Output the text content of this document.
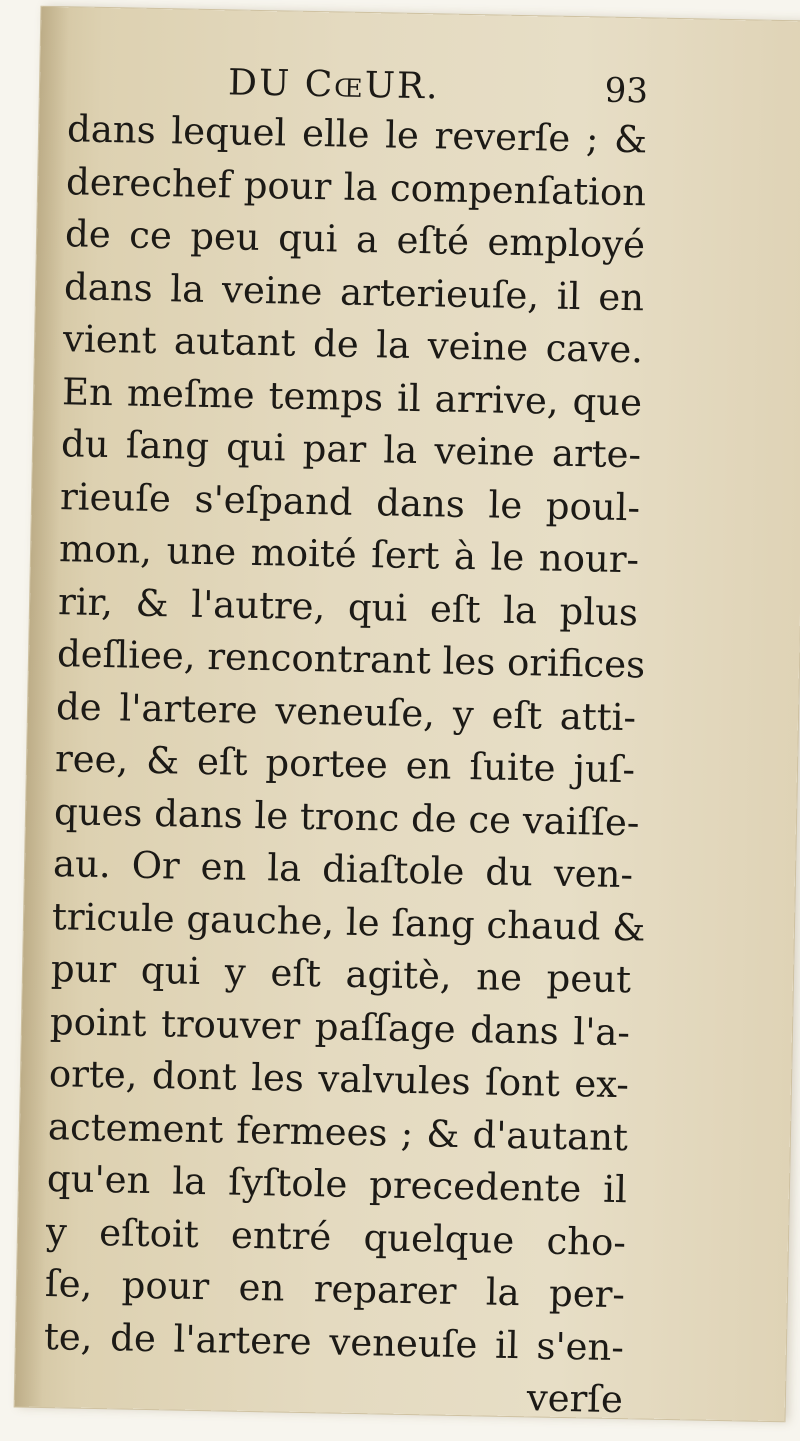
DU CœUR.	93
dans lequel elle le reverſe ; &
derechef pour la compenſation
de ce peu qui a eſté employé
dans la veine arterieuſe, il en
vient autant de la veine cave.
En meſme temps il arrive, que
du ſang qui par la veine arte-
rieuſe s'eſpand dans le poul-
mon, une moité ſert à le nour-
rir, & l'autre, qui eſt la plus
deſliee, rencontrant les orifices
de l'artere veneuſe, y eſt atti-
ree, & eſt portee en ſuite juſ-
ques dans le tronc de ce vaiſſe-
au. Or en la diaſtole du ven-
tricule gauche, le ſang chaud &
pur qui y eſt agitè, ne peut
point trouver paſſage dans l'a-
orte, dont les valvules ſont ex-
actement fermees ; & d'autant
qu'en la ſyſtole precedente il
y eſtoit entré quelque cho-
ſe, pour en reparer la per-
te, de l'artere veneuſe il s'en-
verſe
